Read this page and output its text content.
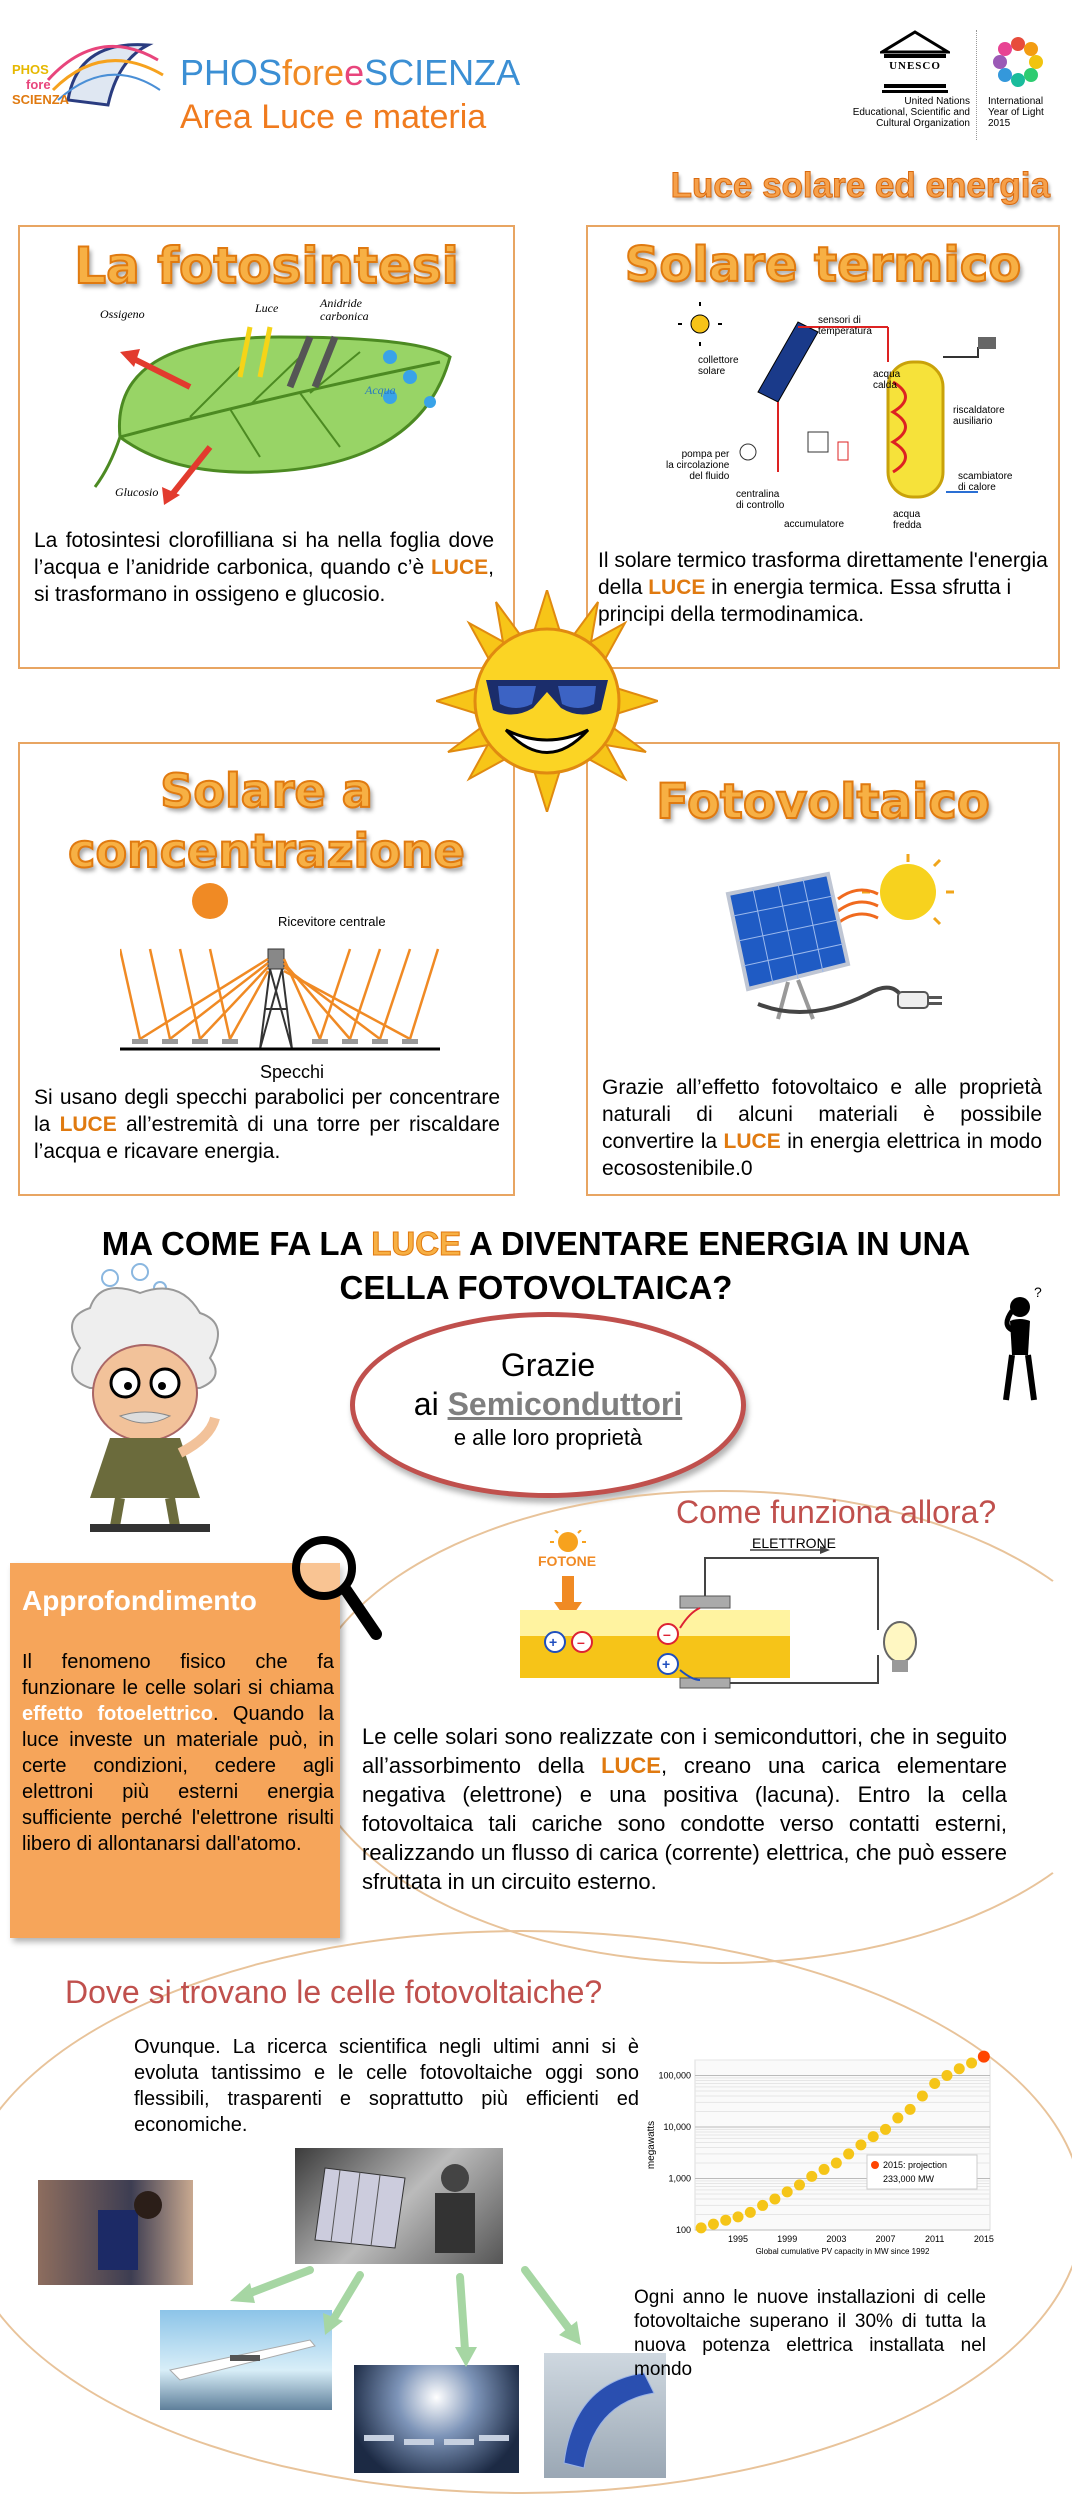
PHOS
fore
SCIENZA
PHOSforeeSCIENZA
Area Luce e materia
UNESCO
United Nations
Educational, Scientific and
Cultural Organization
International
Year of Light
2015
Luce solare ed energia
La fotosintesi
Ossigeno	Luce	Anidride
carbonica
Acqua
Glucosio
La fotosintesi clorofilliana si ha nella foglia dove l’acqua e l’anidride carbonica, quando c’è LUCE, si trasformano in ossigeno e glucosio.
Solare termico
sensori di
temperatura
collettore
solare	acqua
calda
riscaldatore
ausiliario
pompa per
la circolazione
del fluido
centralina
di controllo
scambiatore
di calore
accumulatore
acqua
fredda
Il solare termico trasforma direttamente l'energia della LUCE in energia termica. Essa sfrutta i principi della termodinamica.
Solare a
concentrazione
Ricevitore centrale
Specchi
Si usano degli specchi parabolici per concentrare la LUCE all’estremità di una torre per riscaldare l’acqua e ricavare energia.
Fotovoltaico
Grazie all’effetto fotovoltaico e alle proprietà naturali di alcuni materiali è possibile convertire la LUCE in energia elettrica in modo ecosostenibile.0
MA COME FA LA LUCE A DIVENTARE ENERGIA IN UNA
CELLA FOTOVOLTAICA?	?
Grazie
ai Semiconduttori
e alle loro proprietà
Come funziona allora?
+ –	–
+
FOTONE
ELETTRONE
Le celle solari sono realizzate con i semiconduttori, che in seguito all’assorbimento della LUCE, creano una carica elementare negativa (elettrone) e una positiva (lacuna). Entro la cella fotovoltaica tali cariche sono condotte verso contatti esterni, realizzando un flusso di carica (corrente) elettrica, che può essere sfruttata in un circuito esterno.
Approfondimento
Il fenomeno fisico che fa funzionare le celle solari si chiama effetto fotoelettrico. Quando la luce investe un materiale può, in certe condizioni, cedere agli elettroni più esterni energia sufficiente perché l'elettrone risulti libero di allontanarsi dall'atomo.
Dove si trovano le celle fotovoltaiche?
Ovunque. La ricerca scientifica negli ultimi anni si è evoluta tantissimo e le celle fotovoltaiche oggi sono flessibili, trasparenti e soprattutto più efficienti ed economiche.
100
1,000
10,000
100,000
1995	1999	2003	2007	2011	2015
Global cumulative PV capacity in MW since 1992
megawatts	2015: projection
233,000 MW
Ogni anno le nuove installazioni di celle fotovoltaiche superano il 30% di tutta la nuova potenza elettrica installata nel mondo
